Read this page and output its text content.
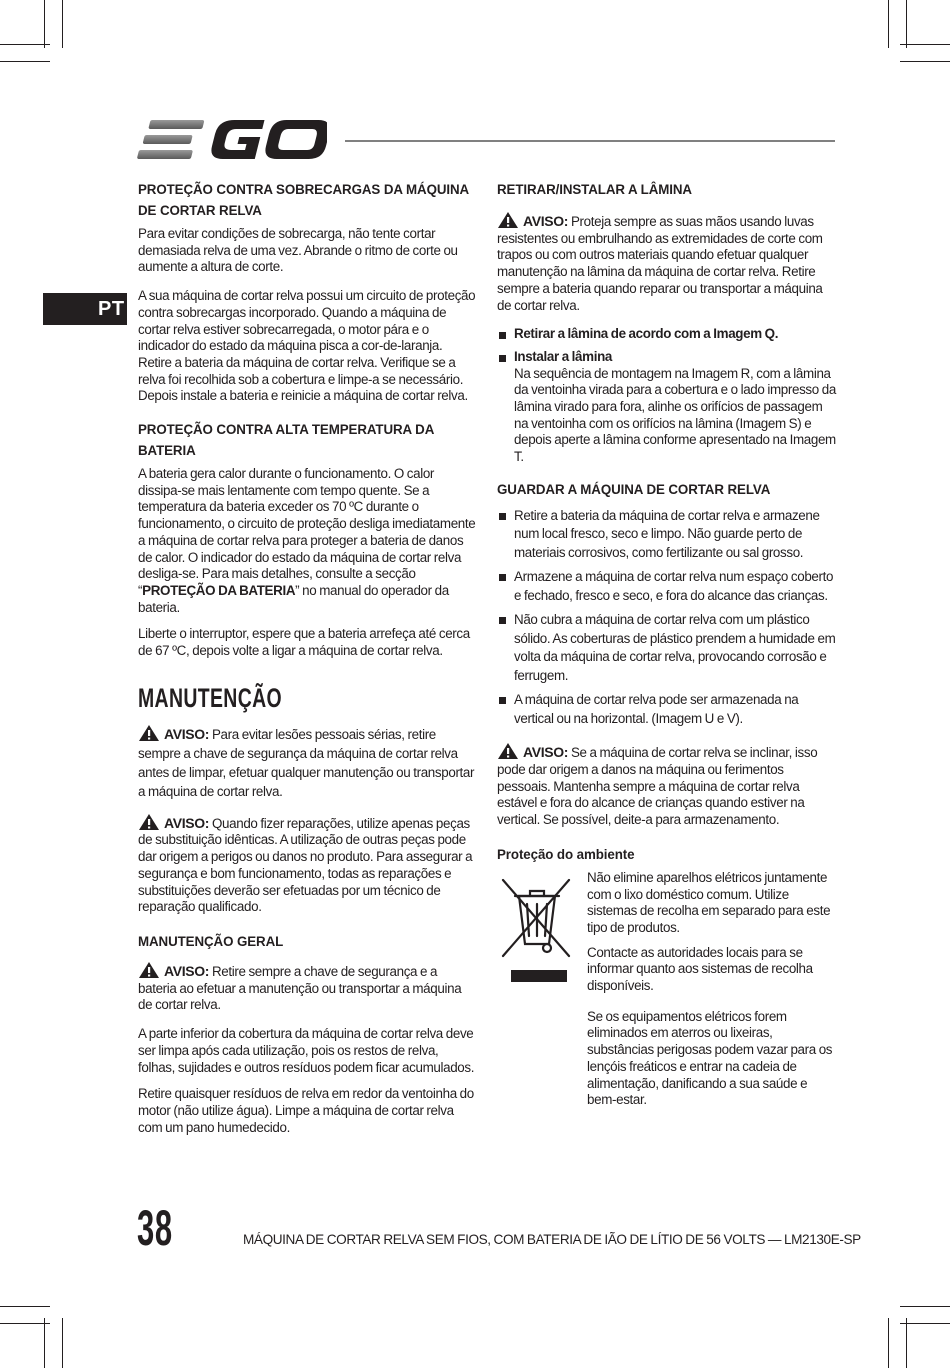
PT
PROTEÇÃO CONTRA SOBRECARGAS DA MÁQUINA
DE CORTAR RELVA

Para evitar condições de sobrecarga, não tente cortar demasiada relva de uma vez. Abrande o ritmo de corte ou aumente a altura de corte.

A sua máquina de cortar relva possui um circuito de proteção contra sobrecargas incorporado. Quando a máquina de cortar relva estiver sobrecarregada, o motor pára e o indicador do estado da máquina pisca a cor-de-laranja. Retire a bateria da máquina de cortar relva. Verifique se a relva foi recolhida sob a cobertura e limpe-a se necessário. Depois instale a bateria e reinicie a máquina de cortar relva.

PROTEÇÃO CONTRA ALTA TEMPERATURA DA
BATERIA

A bateria gera calor durante o funcionamento. O calor dissipa-se mais lentamente com tempo quente. Se a temperatura da bateria exceder os 70 ºC durante o funcionamento, o circuito de proteção desliga imediatamente a máquina de cortar relva para proteger a bateria de danos de calor. O indicador do estado da máquina de cortar relva desliga-se. Para mais detalhes, consulte a secção “PROTEÇÃO DA BATERIA” no manual do operador da bateria.

Liberte o interruptor, espere que a bateria arrefeça até cerca de 67 ºC, depois volte a ligar a máquina de cortar relva.

MANUTENÇÃO

AVISO: Para evitar lesões pessoais sérias, retire sempre a chave de segurança da máquina de cortar relva antes de limpar, efetuar qualquer manutenção ou transportar a máquina de cortar relva.

AVISO: Quando fizer reparações, utilize apenas peças de substituição idênticas. A utilização de outras peças pode dar origem a perigos ou danos no produto. Para assegurar a segurança e bom funcionamento, todas as reparações e substituições deverão ser efetuadas por um técnico de reparação qualificado.

MANUTENÇÃO GERAL

AVISO: Retire sempre a chave de segurança e a bateria ao efetuar a manutenção ou transportar a máquina de cortar relva.

A parte inferior da cobertura da máquina de cortar relva deve ser limpa após cada utilização, pois os restos de relva, folhas, sujidades e outros resíduos podem ficar acumulados.

Retire quaisquer resíduos de relva em redor da ventoinha do motor (não utilize água). Limpe a máquina de cortar relva com um pano humedecido.

RETIRAR/INSTALAR A LÂMINA

AVISO: Proteja sempre as suas mãos usando luvas resistentes ou embrulhando as extremidades de corte com trapos ou com outros materiais quando efetuar qualquer manutenção na lâmina da máquina de cortar relva. Retire sempre a bateria quando reparar ou transportar a máquina de cortar relva.

Retirar a lâmina de acordo com a Imagem Q.
Instalar a lâmina
Na sequência de montagem na Imagem R, com a lâmina da ventoinha virada para a cobertura e o lado impresso da lâmina virado para fora, alinhe os orifícios de passagem na ventoinha com os orifícios na lâmina (Imagem S) e depois aperte a lâmina conforme apresentado na Imagem T.
GUARDAR A MÁQUINA DE CORTAR RELVA
Retire a bateria da máquina de cortar relva e armazene num local fresco, seco e limpo. Não guarde perto de materiais corrosivos, como fertilizante ou sal grosso.
Armazene a máquina de cortar relva num espaço coberto e fechado, fresco e seco, e fora do alcance das crianças.
Não cubra a máquina de cortar relva com um plástico sólido. As coberturas de plástico prendem a humidade em volta da máquina de cortar relva, provocando corrosão e ferrugem.
A máquina de cortar relva pode ser armazenada na vertical ou na horizontal. (Imagem U e V).

AVISO: Se a máquina de cortar relva se inclinar, isso pode dar origem a danos na máquina ou ferimentos pessoais. Mantenha sempre a máquina de cortar relva estável e fora do alcance de crianças quando estiver na vertical. Se possível, deite-a para armazenamento.

Proteção do ambiente

Não elimine aparelhos elétricos juntamente com o lixo doméstico comum. Utilize sistemas de recolha em separado para este tipo de produtos.

Contacte as autoridades locais para se informar quanto aos sistemas de recolha disponíveis.

Se os equipamentos elétricos forem eliminados em aterros ou lixeiras, substâncias perigosas podem vazar para os lençóis freáticos e entrar na cadeia de alimentação, danificando a sua saúde e bem-estar.

38	MÁQUINA DE CORTAR RELVA SEM FIOS, COM BATERIA DE IÃO DE LÍTIO DE 56 VOLTS — LM2130E-SP
